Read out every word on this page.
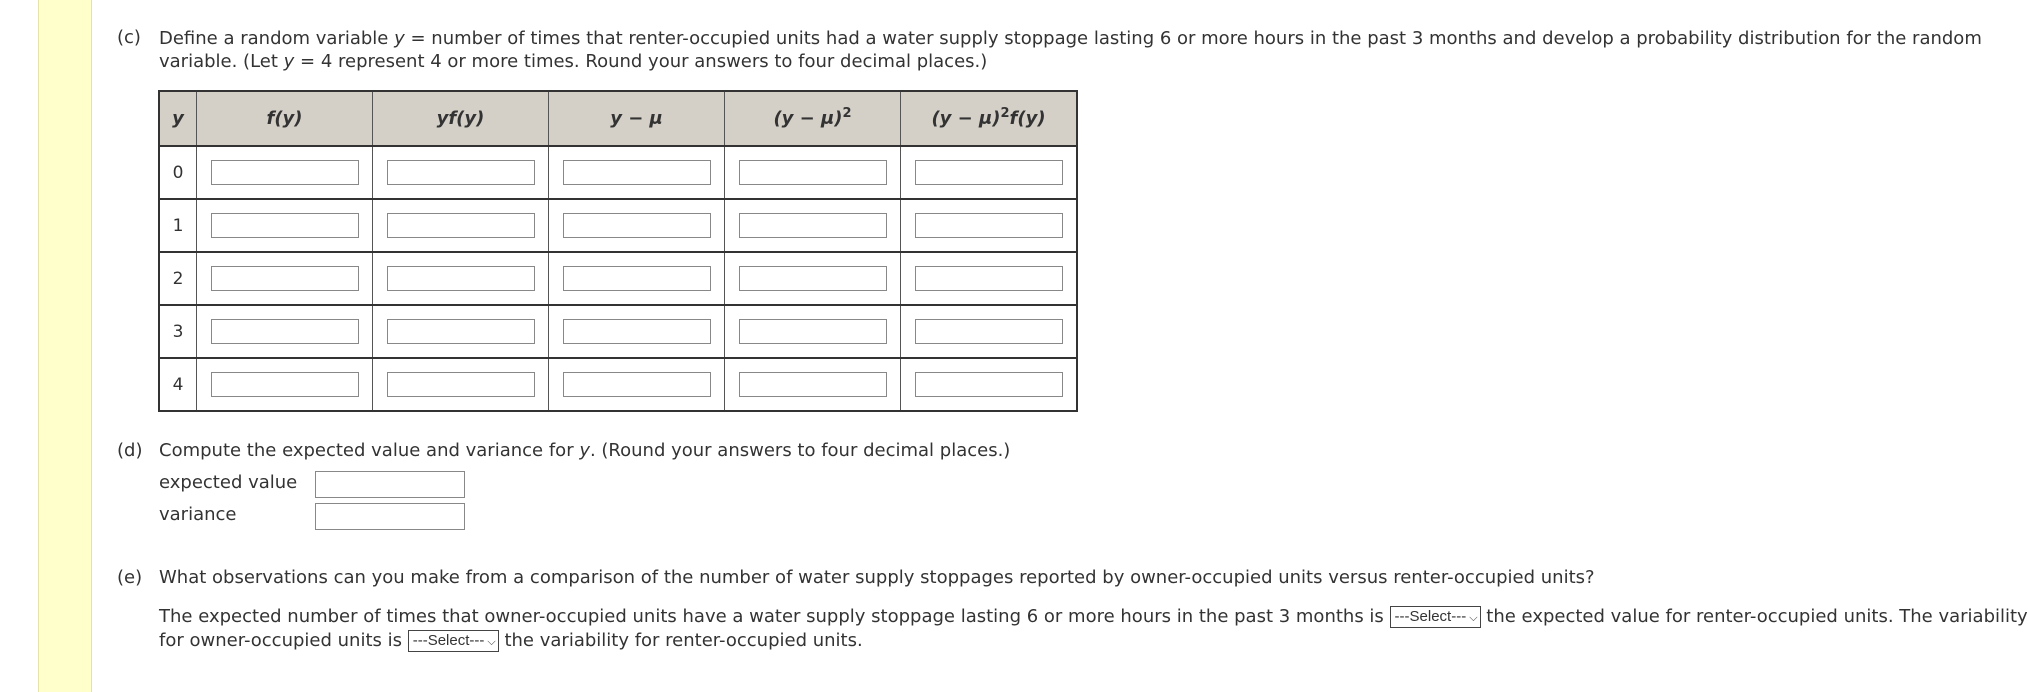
(c) Define a random variable y = number of times that renter-occupied units had a water supply stoppage lasting 6 or more hours in the past 3 months and develop a probability distribution for the random
variable. (Let y = 4 represent 4 or more times. Round your answers to four decimal places.)
y	f(y)	yf(y)	y − μ	$(y - \mu)^2$	$(y - \mu)^2f(y)$
0					
1					
2					
3					
4					
(d) Compute the expected value and variance for y. (Round your answers to four decimal places.)
expected value
variance
(e) What observations can you make from a comparison of the number of water supply stoppages reported by owner-occupied units versus renter-occupied units?
The expected number of times that owner-occupied units have a water supply stoppage lasting 6 or more hours in the past 3 months is ---Select--- ⌵ the expected value for renter-occupied units. The variability
for owner-occupied units is ---Select--- ⌵ the variability for renter-occupied units.
